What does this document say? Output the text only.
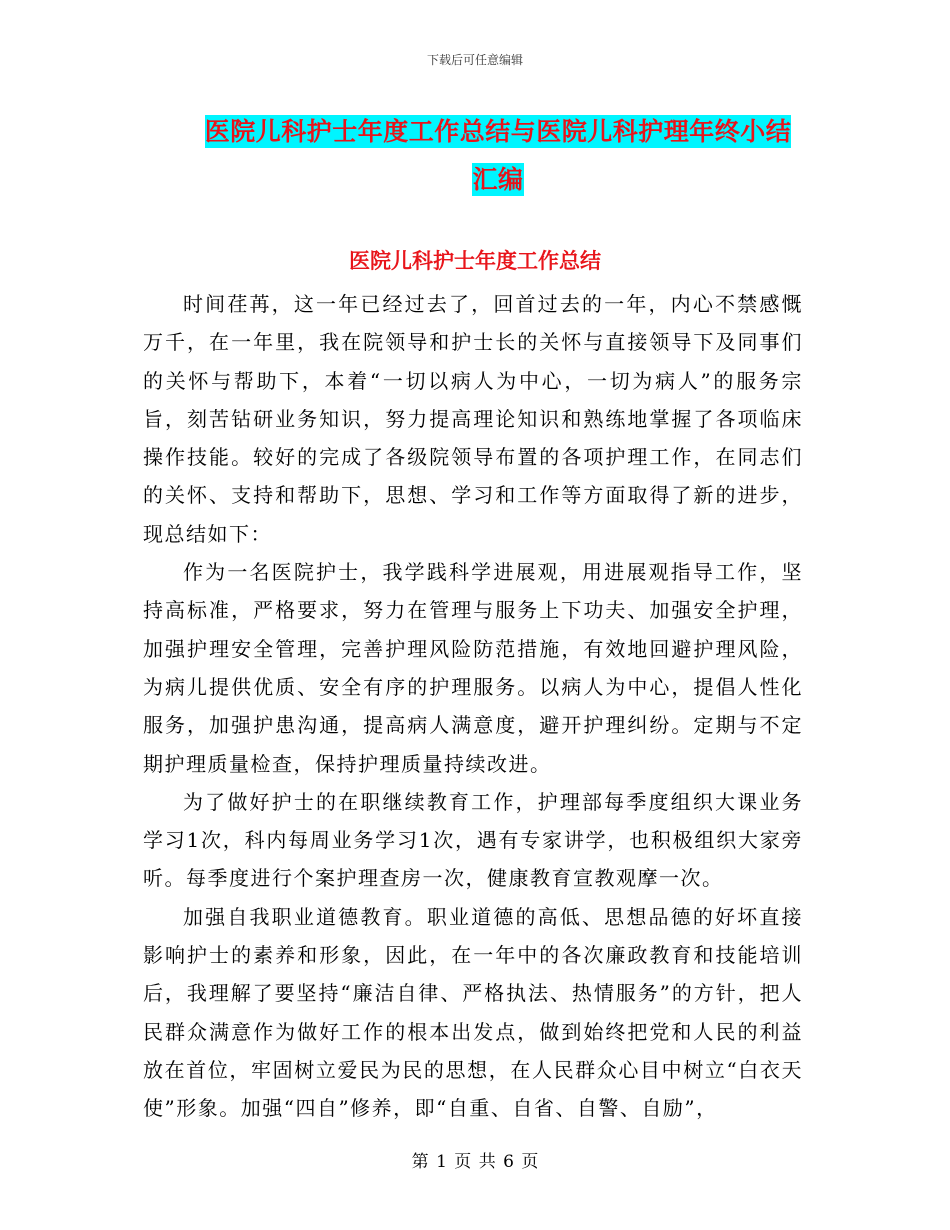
下载后可任意编辑
医院儿科护士年度工作总结与医院儿科护理年终小结
汇编
医院儿科护士年度工作总结

时间荏苒，这一年已经过去了，回首过去的一年，内心不禁感慨万千，在一年里，我在院领导和护士长的关怀与直接领导下及同事们的关怀与帮助下，本着“一切以病人为中心，一切为病人”的服务宗旨，刻苦钻研业务知识，努力提高理论知识和熟练地掌握了各项临床操作技能。较好的完成了各级院领导布置的各项护理工作，在同志们的关怀、支持和帮助下，思想、学习和工作等方面取得了新的进步，现总结如下：

作为一名医院护士，我学践科学进展观，用进展观指导工作，坚持高标准，严格要求，努力在管理与服务上下功夫、加强安全护理，加强护理安全管理，完善护理风险防范措施，有效地回避护理风险，为病儿提供优质、安全有序的护理服务。以病人为中心，提倡人性化服务，加强护患沟通，提高病人满意度，避开护理纠纷。定期与不定期护理质量检查，保持护理质量持续改进。

为了做好护士的在职继续教育工作，护理部每季度组织大课业务学习1次，科内每周业务学习1次，遇有专家讲学，也积极组织大家旁听。每季度进行个案护理查房一次，健康教育宣教观摩一次。

加强自我职业道德教育。职业道德的高低、思想品德的好坏直接影响护士的素养和形象，因此，在一年中的各次廉政教育和技能培训后，我理解了要坚持“廉洁自律、严格执法、热情服务”的方针，把人民群众满意作为做好工作的根本出发点，做到始终把党和人民的利益放在首位，牢固树立爱民为民的思想，在人民群众心目中树立“白衣天使”形象。加强“四自”修养，即“自重、自省、自警、自励”，

第 1 页 共 6 页
